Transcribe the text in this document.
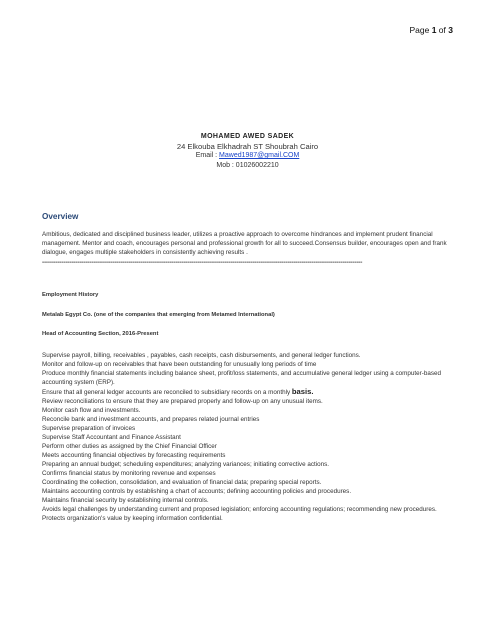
Page 1 of 3
MOHAMED AWED SADEK
24 Elkouba Elkhadrah ST Shoubrah Cairo
Email : Mawed1987@gmail.COM
Mob : 01026002210
Overview
Ambitious, dedicated and disciplined business leader, utilizes a proactive approach to overcome hindrances and implement prudent financial management. Mentor and coach, encourages personal and professional growth for all to succeed.Consensus builder, encourages open and frank dialogue, engages multiple stakeholders in consistently achieving results .
-------------------------------------------------------------------------------------------------------------------------------------------------------------------
Employment History
Metalab Egypt Co. (one of the companies that emerging from Metamed International)
Head of Accounting Section, 2016-Present
Supervise payroll, billing, receivables , payables, cash receipts, cash disbursements, and general ledger functions.
Monitor and follow-up on receivables that have been outstanding for unusually long periods of time
Produce monthly financial statements including balance sheet, profit/loss statements, and accumulative general ledger using a computer-based accounting system (ERP).
Ensure that all general ledger accounts are reconciled to subsidiary records on a monthly basis.
Review reconciliations to ensure that they are prepared properly and follow-up on any unusual items.
Monitor cash flow and investments.
Reconcile bank and investment accounts, and prepares related journal entries
Supervise preparation of invoices
Supervise Staff Accountant and Finance Assistant
Perform other duties as assigned by the Chief Financial Officer
Meets accounting financial objectives by forecasting requirements
Preparing an annual budget; scheduling expenditures; analyzing variances; initiating corrective actions.
Confirms financial status by monitoring revenue and expenses
Coordinating the collection, consolidation, and evaluation of financial data; preparing special reports.
Maintains accounting controls by establishing a chart of accounts; defining accounting policies and procedures.
Maintains financial security by establishing internal controls.
Avoids legal challenges by understanding current and proposed legislation; enforcing accounting regulations; recommending new procedures.
Protects organization's value by keeping information confidential.
